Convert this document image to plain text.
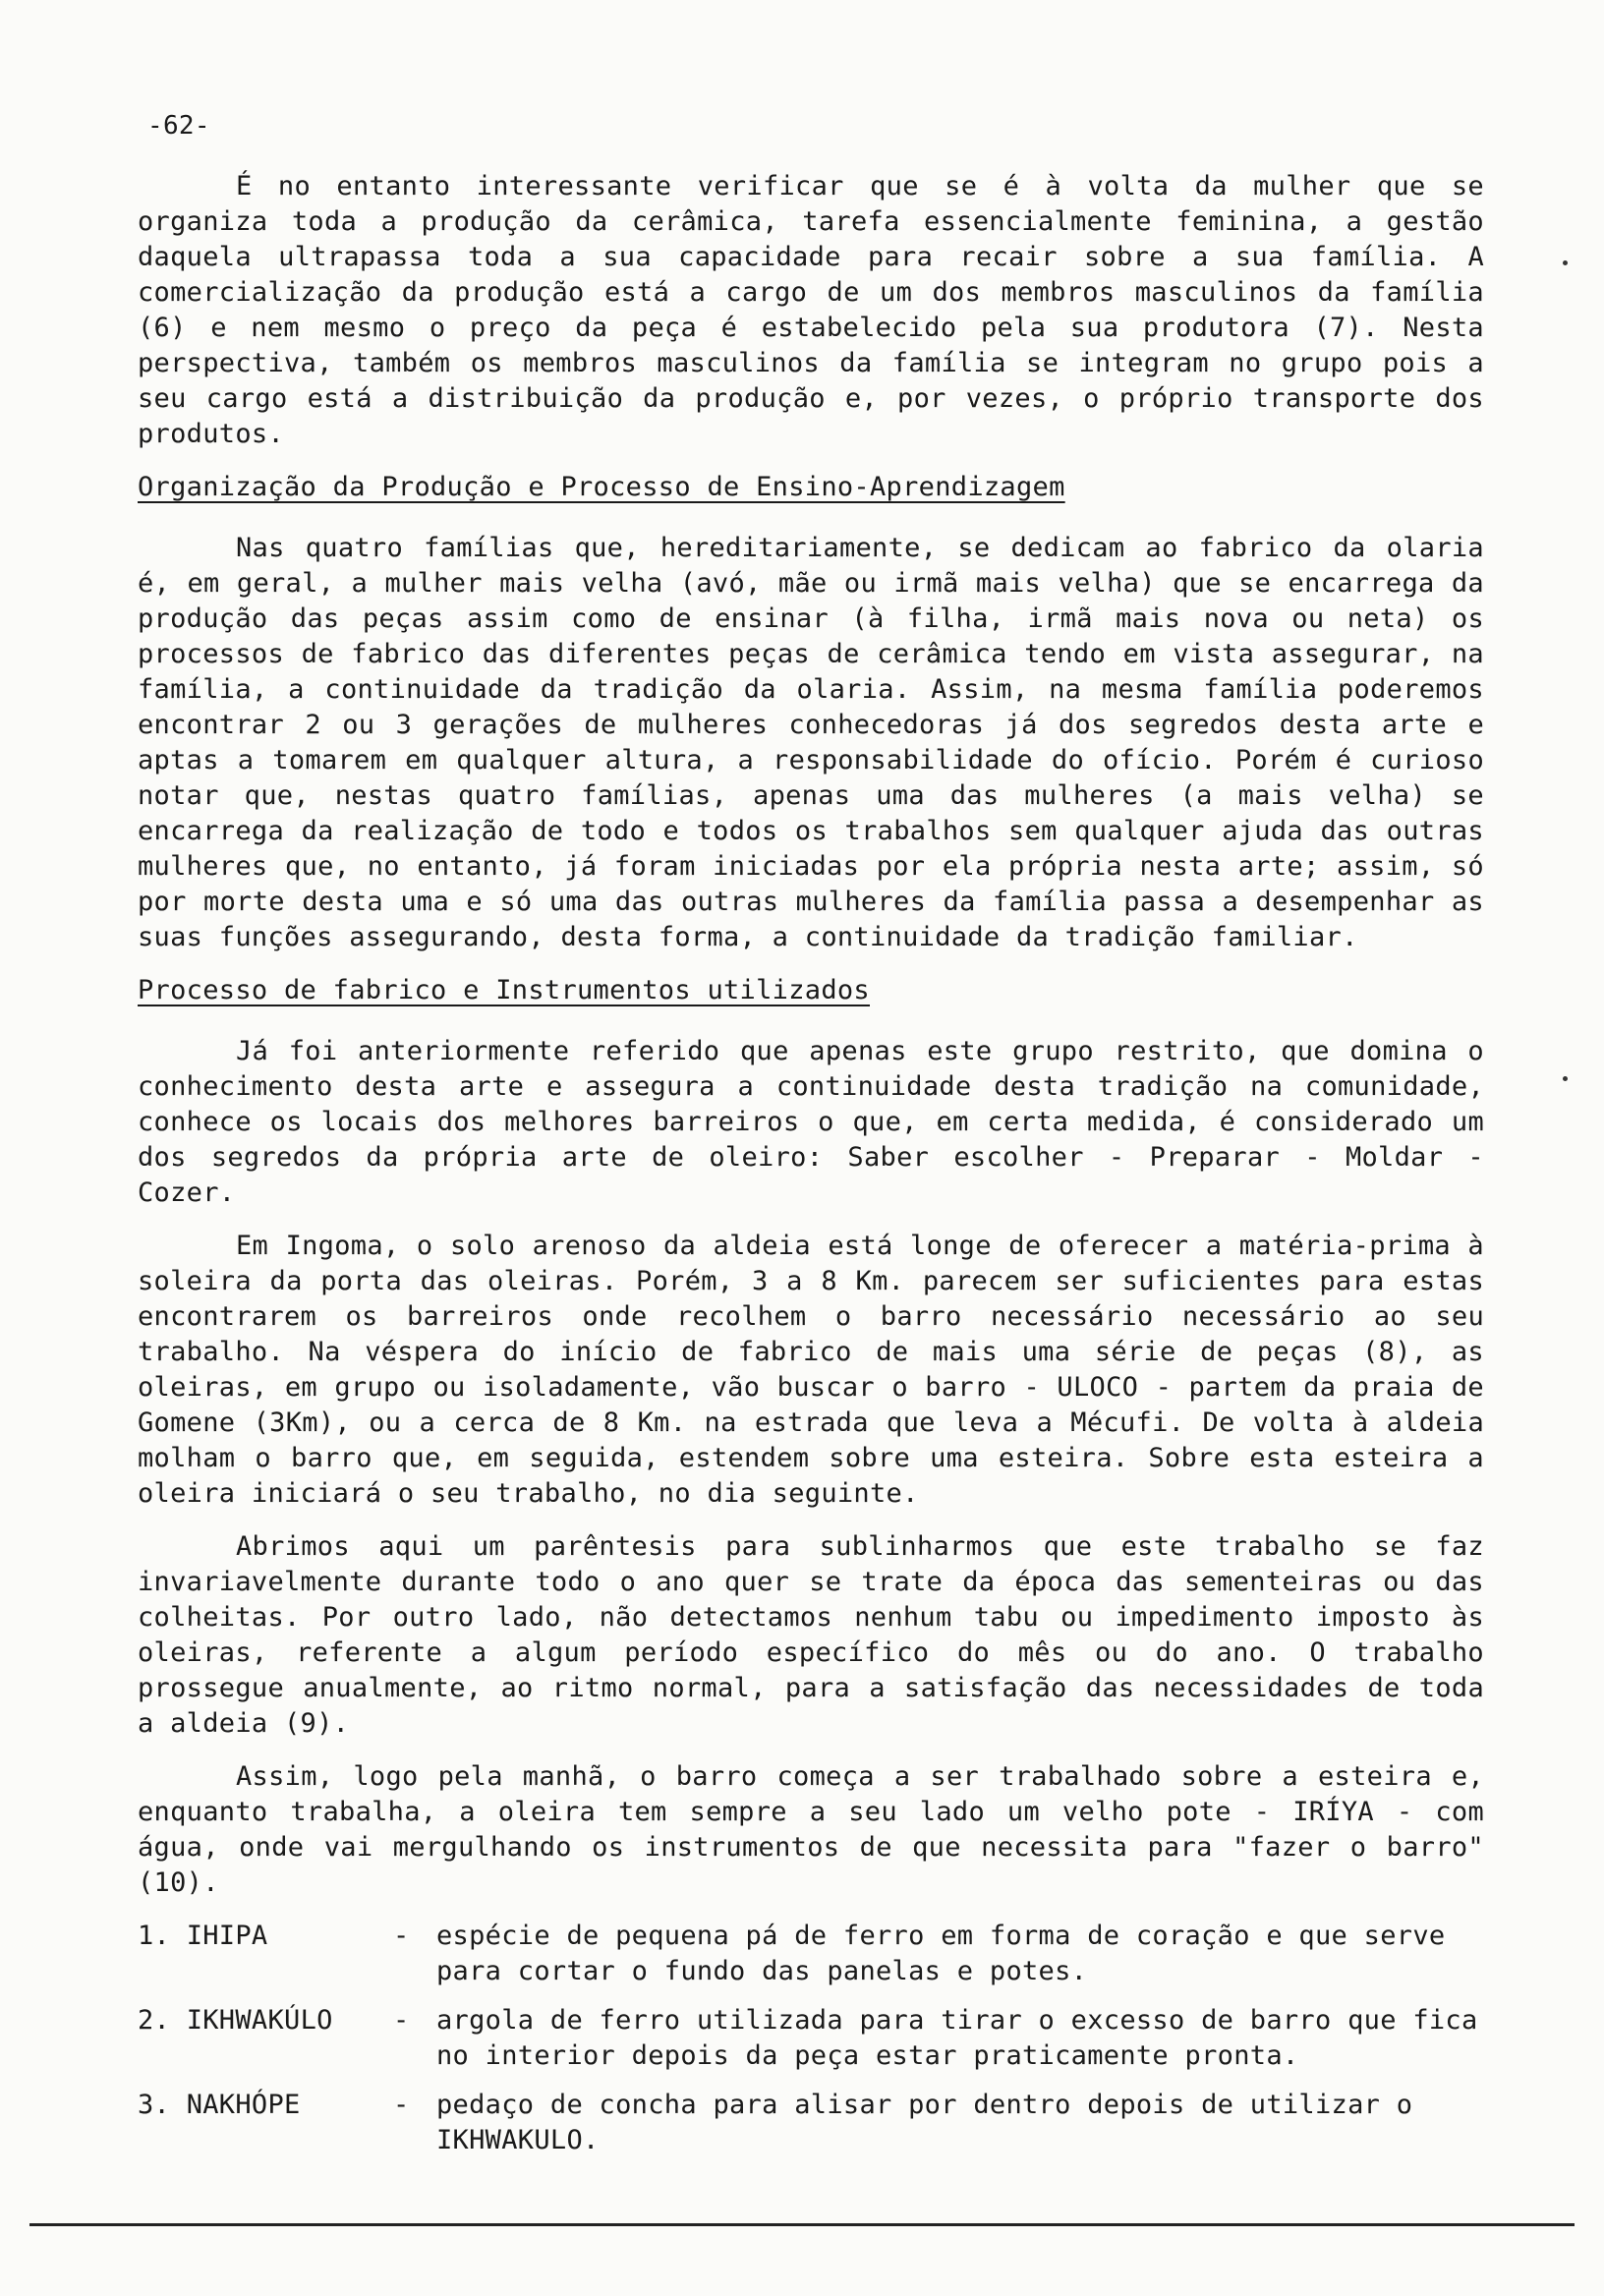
-62-

É no entanto interessante verificar que se é à volta da mulher que se organiza toda a produção da cerâmica, tarefa essencialmente feminina, a gestão daquela ultrapassa toda a sua capacidade para recair sobre a sua família. A comercialização da produção está a cargo de um dos membros masculinos da família (6) e nem mesmo o preço da peça é estabelecido pela sua produtora (7). Nesta perspectiva, também os membros masculinos da família se integram no grupo pois a seu cargo está a distribuição da produção e, por vezes, o próprio transporte dos produtos.

Organização da Produção e Processo de Ensino-Aprendizagem

Nas quatro famílias que, hereditariamente, se dedicam ao fabrico da olaria é, em geral, a mulher mais velha (avó, mãe ou irmã mais velha) que se encarrega da produção das peças assim como de ensinar (à filha, irmã mais nova ou neta) os processos de fabrico das diferentes peças de cerâmica tendo em vista assegurar, na família, a continuidade da tradição da olaria. Assim, na mesma família poderemos encontrar 2 ou 3 gerações de mulheres conhecedoras já dos segredos desta arte e aptas a tomarem em qualquer altura, a responsabilidade do ofício. Porém é curioso notar que, nestas quatro famílias, apenas uma das mulheres (a mais velha) se encarrega da realização de todo e todos os trabalhos sem qualquer ajuda das outras mulheres que, no entanto, já foram iniciadas por ela própria nesta arte; assim, só por morte desta uma e só uma das outras mulheres da família passa a desempenhar as suas funções assegurando, desta forma, a continuidade da tradição familiar.

Processo de fabrico e Instrumentos utilizados

Já foi anteriormente referido que apenas este grupo restrito, que domina o conhecimento desta arte e assegura a continuidade desta tradição na comunidade, conhece os locais dos melhores barreiros o que, em certa medida, é considerado um dos segredos da própria arte de oleiro: Saber escolher - Preparar - Moldar - Cozer.

Em Ingoma, o solo arenoso da aldeia está longe de oferecer a matéria-prima à soleira da porta das oleiras. Porém, 3 a 8 Km. parecem ser suficientes para estas encontrarem os barreiros onde recolhem o barro necessário necessário ao seu trabalho. Na véspera do início de fabrico de mais uma série de peças (8), as oleiras, em grupo ou isoladamente, vão buscar o barro - ULOCO - partem da praia de Gomene (3Km), ou a cerca de 8 Km. na estrada que leva a Mécufi. De volta à aldeia molham o barro que, em seguida, estendem sobre uma esteira. Sobre esta esteira a oleira iniciará o seu trabalho, no dia seguinte.

Abrimos aqui um parêntesis para sublinharmos que este trabalho se faz invariavelmente durante todo o ano quer se trate da época das sementeiras ou das colheitas. Por outro lado, não detectamos nenhum tabu ou impedimento imposto às oleiras, referente a algum período específico do mês ou do ano. O trabalho prossegue anualmente, ao ritmo normal, para a satisfação das necessidades de toda a aldeia (9).

Assim, logo pela manhã, o barro começa a ser trabalhado sobre a esteira e, enquanto trabalha, a oleira tem sempre a seu lado um velho pote - IRÍYA - com água, onde vai mergulhando os instrumentos de que necessita para "fazer o barro" (10).

1. IHIPA	-	espécie de pequena pá de ferro em forma de coração e que serve para cortar o fundo das panelas e potes.
2. IKHWAKÚLO	-	argola de ferro utilizada para tirar o excesso de barro que fica no interior depois da peça estar praticamente pronta.
3. NAKHÓPE	-	pedaço de concha para alisar por dentro depois de utilizar o IKHWAKULO.
